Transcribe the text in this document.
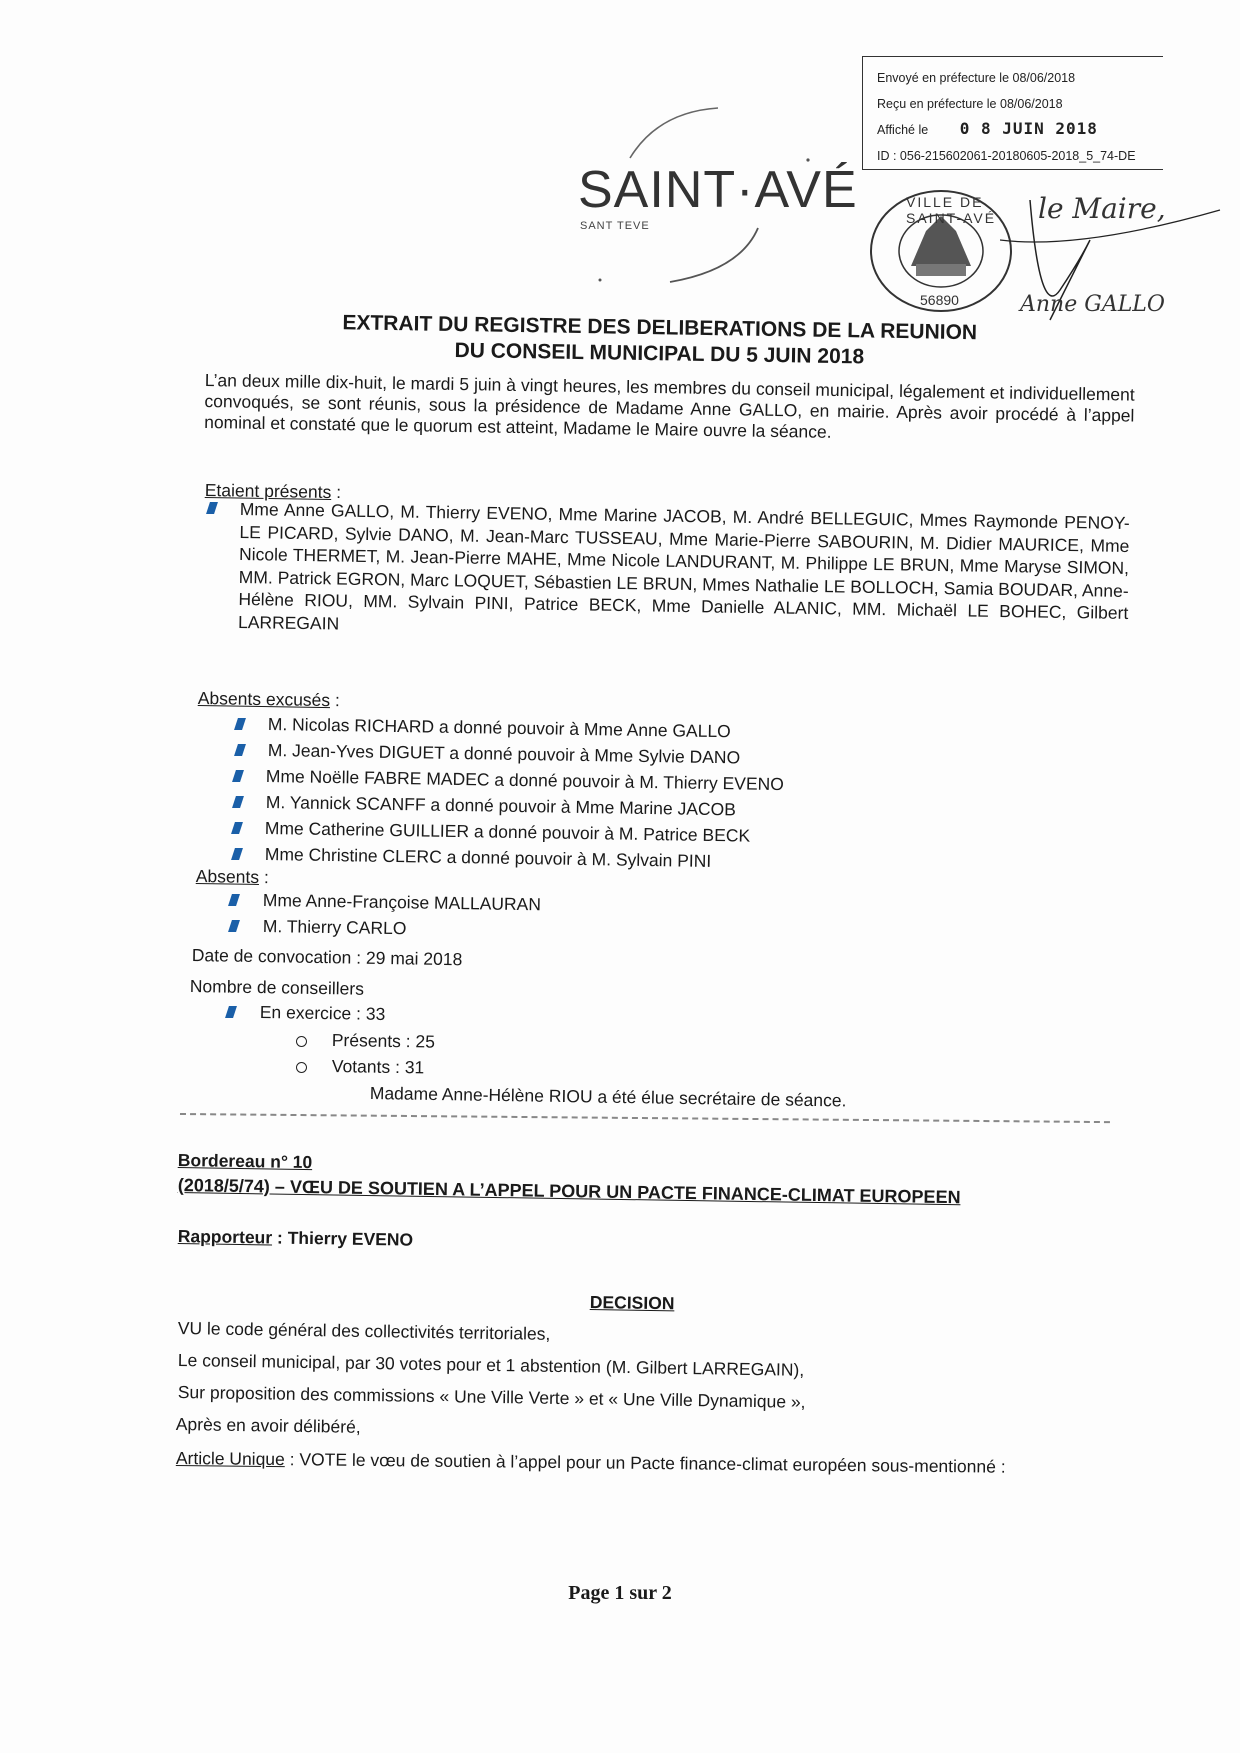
Envoyé en préfecture le 08/06/2018
Reçu en préfecture le 08/06/2018
Affiché le 0 8 JUIN 2018
ID : 056-215602061-20180605-2018_5_74-DE
SAINT·AVÉ
SANT TEVE
VILLE DE SAINT-AVÉ
56890
le Maire,
Anne GALLO
EXTRAIT DU REGISTRE DES DELIBERATIONS DE LA REUNION
DU CONSEIL MUNICIPAL DU 5 JUIN 2018
L’an deux mille dix-huit, le mardi 5 juin à vingt heures, les membres du conseil municipal, légalement et individuellement convoqués, se sont réunis, sous la présidence de Madame Anne GALLO, en mairie. Après avoir procédé à l’appel nominal et constaté que le quorum est atteint, Madame le Maire ouvre la séance.
Etaient présents :
Mme Anne GALLO, M. Thierry EVENO, Mme Marine JACOB, M. André BELLEGUIC, Mmes Raymonde PENOY-LE PICARD, Sylvie DANO, M. Jean-Marc TUSSEAU, Mme Marie-Pierre SABOURIN, M. Didier MAURICE, Mme Nicole THERMET, M. Jean-Pierre MAHE, Mme Nicole LANDURANT, M. Philippe LE BRUN, Mme Maryse SIMON, MM. Patrick EGRON, Marc LOQUET, Sébastien LE BRUN, Mmes Nathalie LE BOLLOCH, Samia BOUDAR, Anne-Hélène RIOU, MM. Sylvain PINI, Patrice BECK, Mme Danielle ALANIC, MM. Michaël LE BOHEC, Gilbert LARREGAIN
Absents excusés :
M. Nicolas RICHARD a donné pouvoir à Mme Anne GALLO
M. Jean-Yves DIGUET a donné pouvoir à Mme Sylvie DANO
Mme Noëlle FABRE MADEC a donné pouvoir à M. Thierry EVENO
M. Yannick SCANFF a donné pouvoir à Mme Marine JACOB
Mme Catherine GUILLIER a donné pouvoir à M. Patrice BECK
Mme Christine CLERC a donné pouvoir à M. Sylvain PINI
Absents :
Mme Anne-Françoise MALLAURAN
M. Thierry CARLO
Date de convocation : 29 mai 2018
Nombre de conseillers
En exercice : 33
Présents : 25
Votants : 31
Madame Anne-Hélène RIOU a été élue secrétaire de séance.
Bordereau n° 10
(2018/5/74) – VŒU DE SOUTIEN A L’APPEL POUR UN PACTE FINANCE-CLIMAT EUROPEEN
Rapporteur : Thierry EVENO
DECISION
VU le code général des collectivités territoriales,
Le conseil municipal, par 30 votes pour et 1 abstention (M. Gilbert LARREGAIN),
Sur proposition des commissions « Une Ville Verte » et « Une Ville Dynamique »,
Après en avoir délibéré,
Article Unique : VOTE le vœu de soutien à l’appel pour un Pacte finance-climat européen sous-mentionné :
Page 1 sur 2
